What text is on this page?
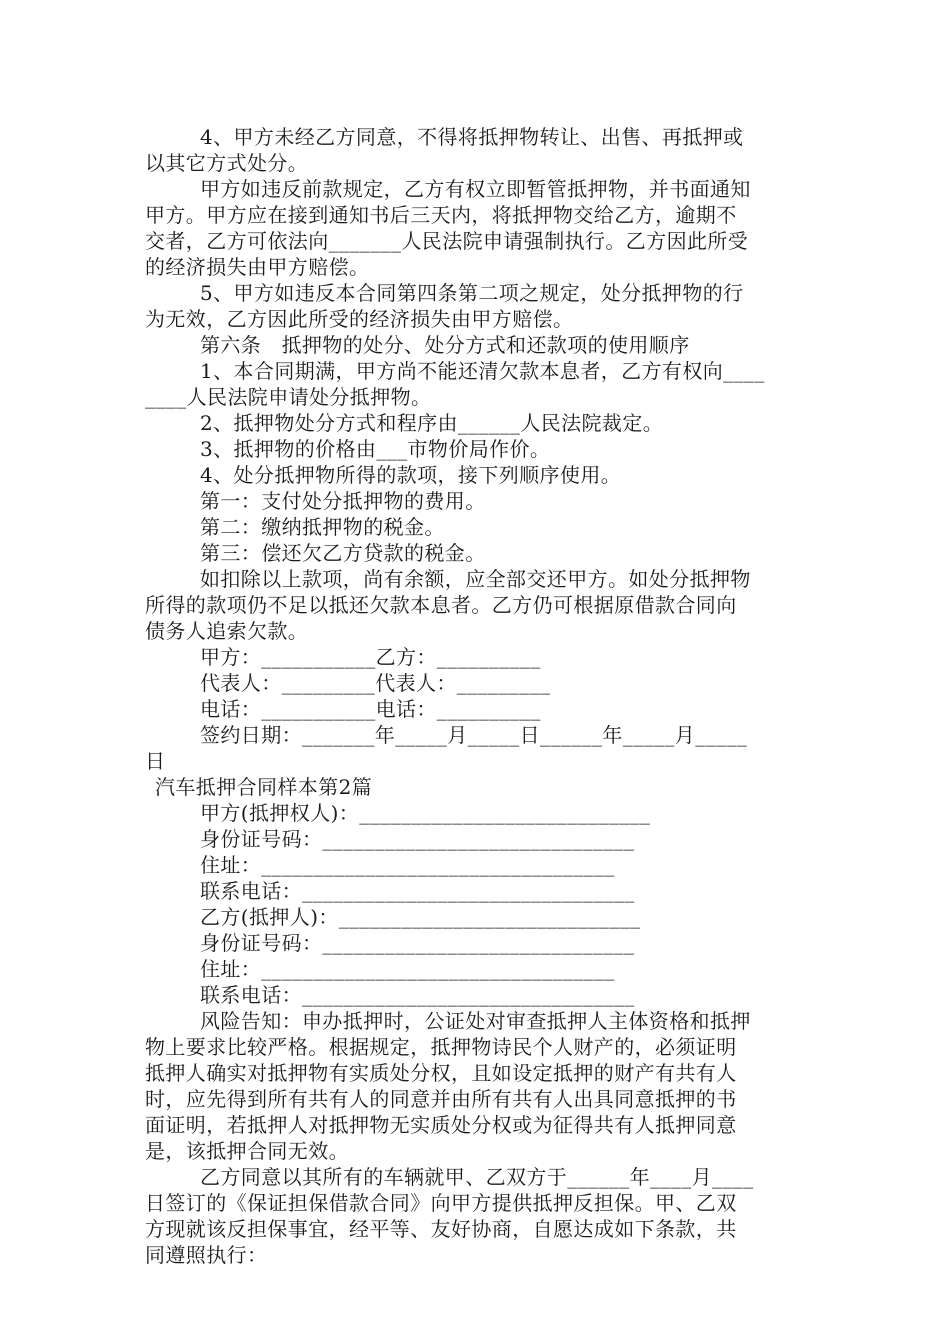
4、甲方未经乙方同意，不得将抵押物转让、出售、再抵押或
以其它方式处分。
甲方如违反前款规定，乙方有权立即暂管抵押物，并书面通知
甲方。甲方应在接到通知书后三天内，将抵押物交给乙方，逾期不
交者，乙方可依法向_______人民法院申请强制执行。乙方因此所受
的经济损失由甲方赔偿。
5、甲方如违反本合同第四条第二项之规定，处分抵押物的行
为无效，乙方因此所受的经济损失由甲方赔偿。
第六条　抵押物的处分、处分方式和还款项的使用顺序
1、本合同期满，甲方尚不能还清欠款本息者，乙方有权向____
____人民法院申请处分抵押物。
2、抵押物处分方式和程序由______人民法院裁定。
3、抵押物的价格由___市物价局作价。
4、处分抵押物所得的款项，接下列顺序使用。
第一：支付处分抵押物的费用。
第二：缴纳抵押物的税金。
第三：偿还欠乙方贷款的税金。
如扣除以上款项，尚有余额，应全部交还甲方。如处分抵押物
所得的款项仍不足以抵还欠款本息者。乙方仍可根据原借款合同向
债务人追索欠款。
甲方：___________乙方：__________
代表人：_________代表人：_________
电话：___________电话：__________
签约日期：_______年_____月_____日______年_____月_____
日
汽车抵押合同样本第2篇
甲方(抵押权人)：____________________________
身份证号码：______________________________
住址：__________________________________
联系电话：________________________________
乙方(抵押人)：_____________________________
身份证号码：______________________________
住址：__________________________________
联系电话：________________________________
风险告知：申办抵押时，公证处对审查抵押人主体资格和抵押
物上要求比较严格。根据规定，抵押物诗民个人财产的，必须证明
抵押人确实对抵押物有实质处分权，且如设定抵押的财产有共有人
时，应先得到所有共有人的同意并由所有共有人出具同意抵押的书
面证明，若抵押人对抵押物无实质处分权或为征得共有人抵押同意
是，该抵押合同无效。
乙方同意以其所有的车辆就甲、乙双方于______年____月____
日签订的《保证担保借款合同》向甲方提供抵押反担保。甲、乙双
方现就该反担保事宜，经平等、友好协商，自愿达成如下条款，共
同遵照执行：
